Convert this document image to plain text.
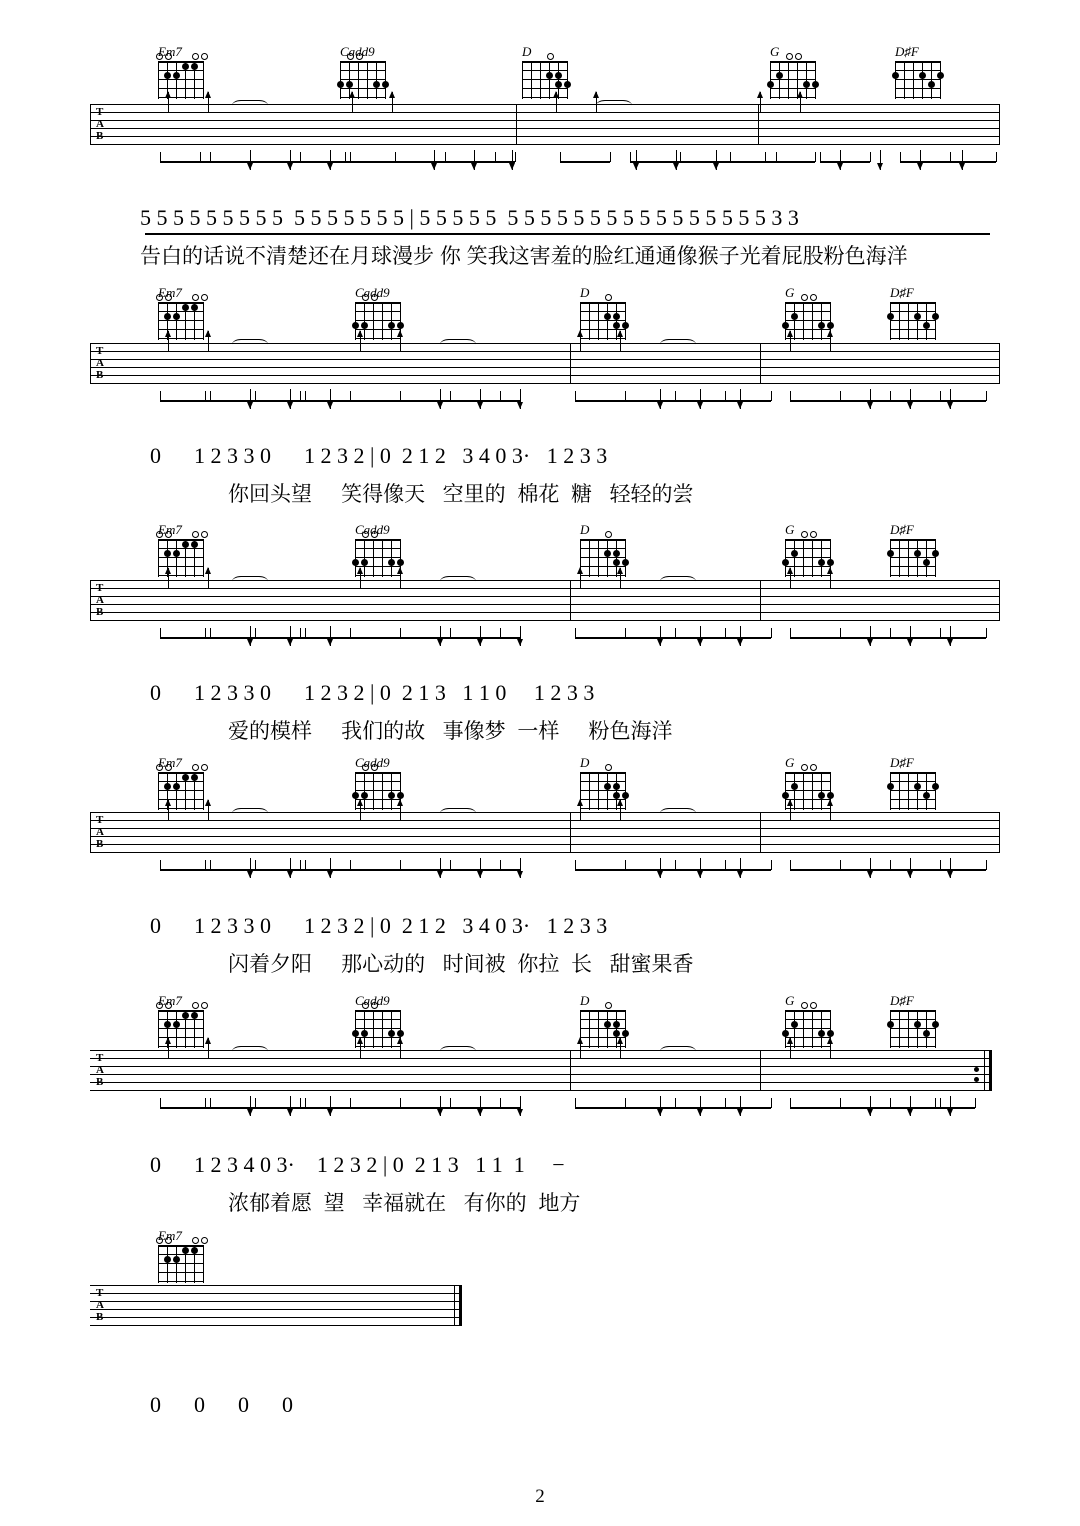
Em7	Cadd9	D	G	D♯F
T
A
B
5 5 5 5 5 5 5 5 5  5 5 5 5 5 5 5 | 5 5 5 5 5  5 5 5 5 5 5 5 5 5 5 5 5 5 5 5 5 3 3
告白的话说不清楚还在月球漫步 你 笑我这害羞的脸红通通像猴子光着屁股粉色海洋
Em7	Cadd9	D	G	D♯F
T
A
B
0      1 2 3 3 0      1 2 3 2 | 0  2 1 2   3 4 0 3·   1 2 3 3
你回头望     笑得像天   空里的  棉花  糖   轻轻的尝
Em7	Cadd9	D	G	D♯F
T
A
B
0      1 2 3 3 0      1 2 3 2 | 0  2 1 3   1 1 0     1 2 3 3
爱的模样     我们的故   事像梦  一样     粉色海洋
Em7	Cadd9	D	G	D♯F
T
A
B
0      1 2 3 3 0      1 2 3 2 | 0  2 1 2   3 4 0 3·   1 2 3 3
闪着夕阳     那心动的   时间被  你拉  长   甜蜜果香
Em7	Cadd9	D	G	D♯F
T
A
B
0      1 2 3 4 0 3·    1 2 3 2 | 0  2 1 3   1 1  1     −
浓郁着愿  望   幸福就在   有你的  地方
Em7
T
A
B
0      0      0      0
2
